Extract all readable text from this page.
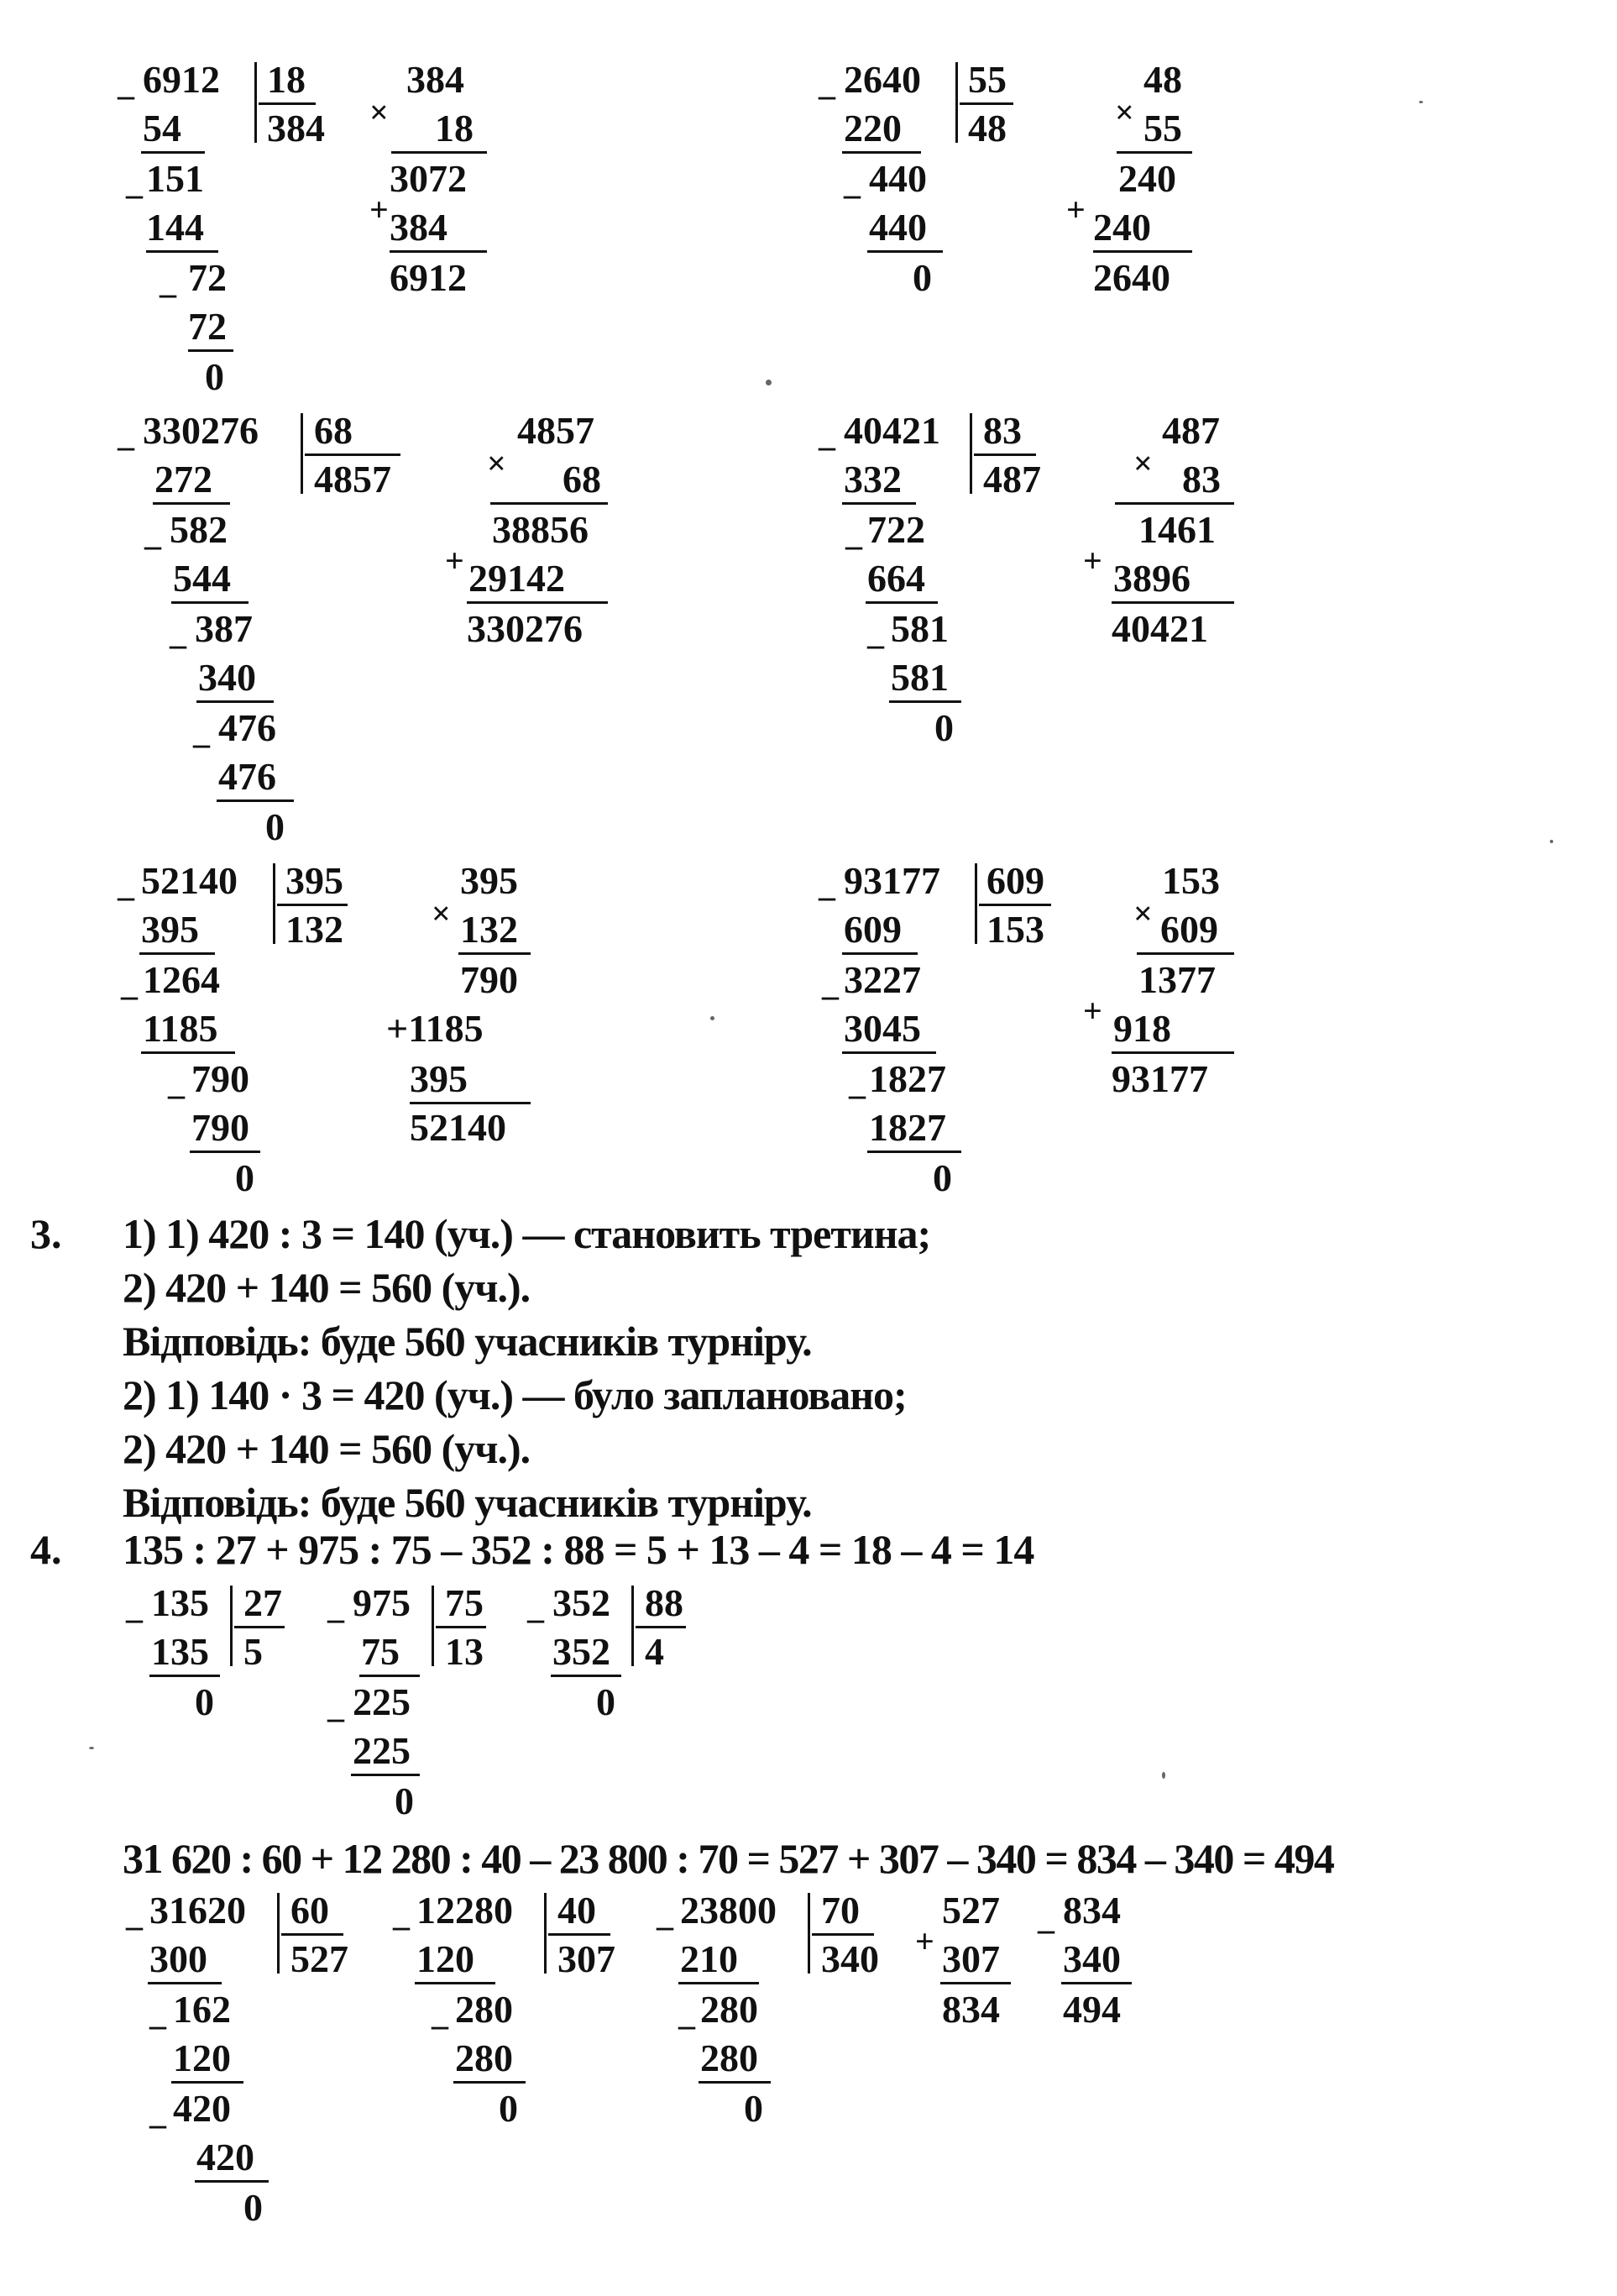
_ 6912 18
384
54
_ 151
144
_ 72
72
0
×
384
18
3072
+ 384
6912
_ 2640 55
48
220
_ 440
440
0
×
48
55
240
+ 240
2640
_ 330276 68
4857
272
_ 582
544
_ 387
340
_ 476
476
0
×
4857
68
38856
+ 29142
330276
_ 40421 83
487
332
_ 722
664
_ 581
581
0
×
487
83
1461
+ 3896
40421
_ 52140 395
132
395
_ 1264
1185
_ 790
790
0
×
395
132
790
+1185
395
52140
_ 93177 609
153
609
_ 3227
3045
_ 1827
1827
0
×
153
609
1377
+ 918
93177
3. 1) 1) 420 : 3 = 140 (уч.) — становить третина;
2) 420 + 140 = 560 (уч.).
Відповідь: буде 560 учасників турніру.
2) 1) 140 · 3 = 420 (уч.) — було заплановано;
2) 420 + 140 = 560 (уч.).
Відповідь: буде 560 учасників турніру.
4. 135 : 27 + 975 : 75 – 352 : 88 = 5 + 13 – 4 = 18 – 4 = 14
_ 135 27
5
135
0
_ 975 75
13
75
_ 225
225
0
_ 352 88
4
352
0
31 620 : 60 + 12 280 : 40 – 23 800 : 70 = 527 + 307 – 340 = 834 – 340 = 494
_ 31620 60
527
300
_ 162
120
_ 420
420
0
_ 12280 40
307
120
_ 280
280
0
_ 23800 70
340
210
_ 280
280
0
+
527
307
834
_ 834
340
494
